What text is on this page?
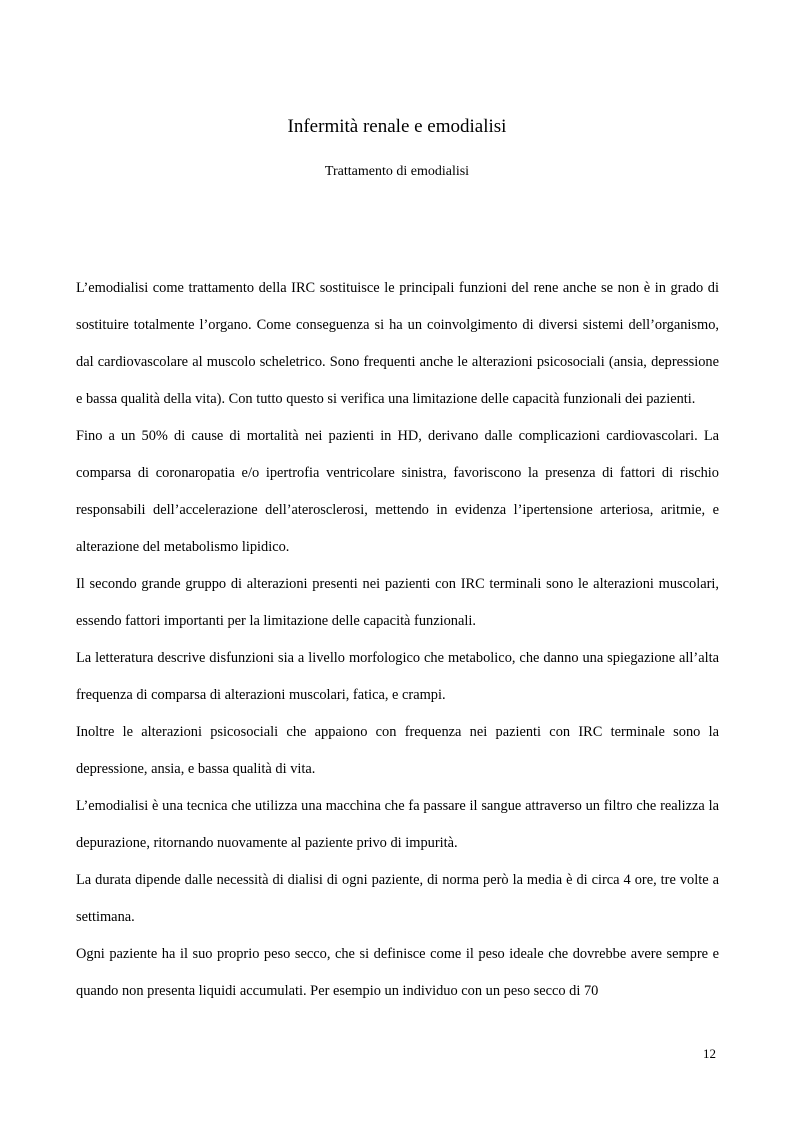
Infermità renale e emodialisi
Trattamento di emodialisi

L’emodialisi come trattamento della IRC sostituisce le principali funzioni del rene anche se non è in grado di sostituire totalmente l’organo. Come conseguenza si ha un coinvolgimento di diversi sistemi dell’organismo, dal cardiovascolare al muscolo scheletrico. Sono frequenti anche le alterazioni psicosociali (ansia, depressione e bassa qualità della vita). Con tutto questo si verifica una limitazione delle capacità funzionali dei pazienti.

Fino a un 50% di cause di mortalità nei pazienti in HD, derivano dalle complicazioni cardiovascolari. La comparsa di coronaropatia e/o ipertrofia ventricolare sinistra, favoriscono la presenza di fattori di rischio responsabili dell’accelerazione dell’aterosclerosi, mettendo in evidenza l’ipertensione arteriosa, aritmie, e alterazione del metabolismo lipidico.

Il secondo grande gruppo di alterazioni presenti nei pazienti con IRC terminali sono le alterazioni muscolari, essendo fattori importanti per la limitazione delle capacità funzionali.

La letteratura descrive disfunzioni sia a livello morfologico che metabolico, che danno una spiegazione all’alta frequenza di comparsa di alterazioni muscolari, fatica, e crampi.

Inoltre le alterazioni psicosociali che appaiono con frequenza nei pazienti con IRC terminale sono la depressione, ansia, e bassa qualità di vita.

L’emodialisi è una tecnica che utilizza una macchina che fa passare il sangue attraverso un filtro che realizza la depurazione, ritornando nuovamente al paziente privo di impurità.

La durata dipende dalle necessità di dialisi di ogni paziente, di norma però la media è di circa 4 ore, tre volte a settimana.

Ogni paziente ha il suo proprio peso secco, che si definisce come il peso ideale che dovrebbe avere sempre e quando non presenta liquidi accumulati. Per esempio un individuo con un peso secco di 70

12
